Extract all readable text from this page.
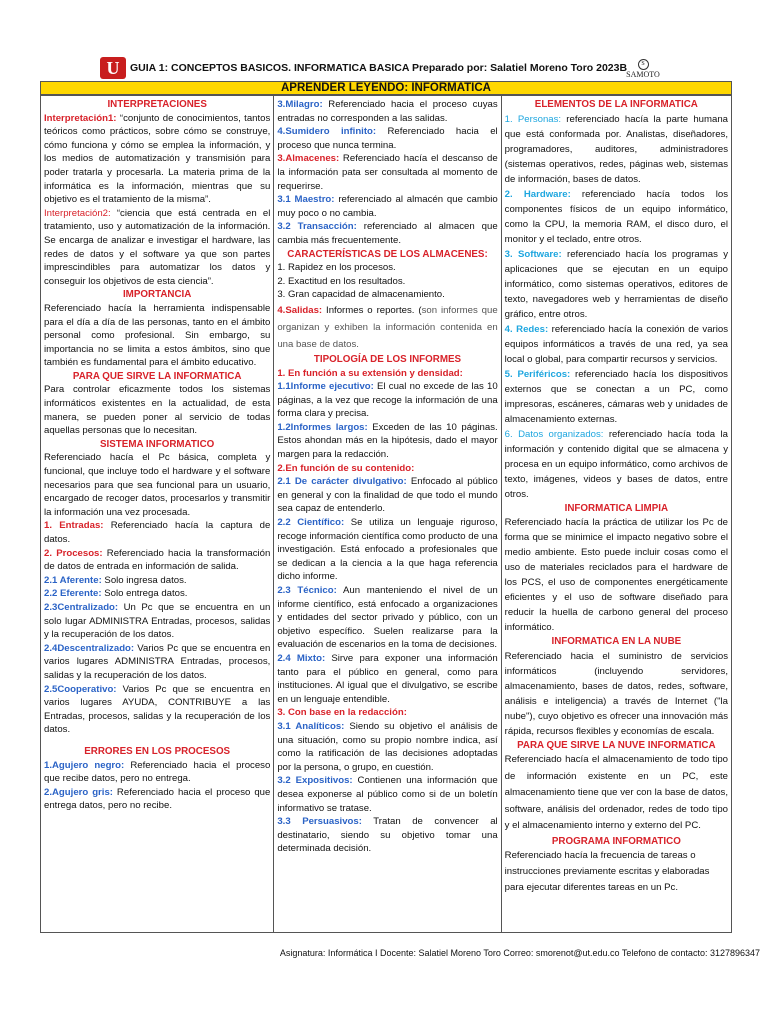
U	GUIA 1: CONCEPTOS BASICOS. INFORMATICA BASICA Preparado por: Salatiel Moreno Toro 2023B	S
SAMOTO
APRENDER LEYENDO: INFORMATICA

INTERPRETACIONES

Interpretación1: “conjunto de conocimientos, tantos teóricos como prácticos, sobre cómo se construye, cómo funciona y cómo se emplea la información, y los medios de automatización y transmisión para poder tratarla y procesarla. La materia prima de la informática es la información, mientras que su objetivo es el tratamiento de la misma”.

Interpretación2: “ciencia que está centrada en el tratamiento, uso y automatización de la información. Se encarga de analizar e investigar el hardware, las redes de datos y el software ya que son partes imprescindibles para automatizar los datos y conseguir los objetivos de esta ciencia”.

IMPORTANCIA

Referenciado hacía la herramienta indispensable para el día a día de las personas, tanto en el ámbito personal como profesional. Sin embargo, su importancia no se limita a estos ámbitos, sino que también es fundamental para el ámbito educativo.

PARA QUE SIRVE LA INFORMATICA

Para controlar eficazmente todos los sistemas informáticos existentes en la actualidad, de esta manera, se pueden poner al servicio de todas aquellas personas que lo necesitan.

SISTEMA INFORMATICO

Referenciado hacía el Pc básica, completa y funcional, que incluye todo el hardware y el software necesarios para que sea funcional para un usuario, encargado de recoger datos, procesarlos y transmitir la información una vez procesada.

1. Entradas: Referenciado hacía la captura de datos.

2. Procesos: Referenciado hacia la transformación de datos de entrada en información de salida.

2.1 Aferente: Solo ingresa datos.

2.2 Eferente: Solo entrega datos.

2.3Centralizado: Un Pc que se encuentra en un solo lugar ADMINISTRA Entradas, procesos, salidas y la recuperación de los datos.

2.4Descentralizado: Varios Pc que se encuentra en varios lugares ADMINISTRA Entradas, procesos, salidas y la recuperación de los datos.

2.5Cooperativo: Varios Pc que se encuentra en varios lugares AYUDA, CONTRIBUYE a las Entradas, procesos, salidas y la recuperación de los datos.

ERRORES EN LOS PROCESOS

1.Agujero negro: Referenciado hacia el proceso que recibe datos, pero no entrega.

2.Agujero gris: Referenciado hacia el proceso que entrega datos, pero no recibe.

3.Milagro: Referenciado hacia el proceso cuyas entradas no corresponden a las salidas.

4.Sumidero infinito: Referenciado hacia el proceso que nunca termina.

3.Almacenes: Referenciado hacía el descanso de la información pata ser consultada al momento de requerirse.

3.1 Maestro: referenciado al almacén que cambio muy poco o no cambia.

3.2 Transacción: referenciado al almacen que cambia más frecuentemente.

CARACTERÍSTICAS DE LOS ALMACENES:

1. Rapidez en los procesos.

2. Exactitud en los resultados.

3. Gran capacidad de almacenamiento.

4.Salidas: Informes o reportes. (son informes que organizan y exhiben la información contenida en una base de datos.

TIPOLOGÍA DE LOS INFORMES

1. En función a su extensión y densidad:

1.1Informe ejecutivo: El cual no excede de las 10 páginas, a la vez que recoge la información de una forma clara y precisa.

1.2Informes largos: Exceden de las 10 páginas. Estos ahondan más en la hipótesis, dado el mayor margen para la redacción.

2.En función de su contenido:

2.1 De carácter divulgativo: Enfocado al público en general y con la finalidad de que todo el mundo sea capaz de entenderlo.

2.2 Científico: Se utiliza un lenguaje riguroso, recoge información científica como producto de una investigación. Está enfocado a profesionales que se dedican a la ciencia a la que haga referencia dicho informe.

2.3 Técnico: Aun manteniendo el nivel de un informe científico, está enfocado a organizaciones y entidades del sector privado y público, con un objetivo específico. Suelen realizarse para la evaluación de escenarios en la toma de decisiones.

2.4 Mixto: Sirve para exponer una información tanto para el público en general, como para instituciones. Al igual que el divulgativo, se escribe en un lenguaje entendible.

3. Con base en la redacción:

3.1 Analíticos: Siendo su objetivo el análisis de una situación, como su propio nombre indica, así como la ratificación de las decisiones adoptadas por la persona, o grupo, en cuestión.

3.2 Expositivos: Contienen una información que desea exponerse al público como si de un boletín informativo se tratase.

3.3 Persuasivos: Tratan de convencer al destinatario, siendo su objetivo tomar una determinada decisión.

ELEMENTOS DE LA INFORMATICA

1. Personas: referenciado hacía la parte humana que está conformada por. Analistas, diseñadores, programadores, auditores, administradores (sistemas operativos, redes, páginas web, sistemas de información, bases de datos.

2. Hardware: referenciado hacía todos los componentes físicos de un equipo informático, como la CPU, la memoria RAM, el disco duro, el monitor y el teclado, entre otros.

3. Software: referenciado hacía los programas y aplicaciones que se ejecutan en un equipo informático, como sistemas operativos, editores de texto, navegadores web y herramientas de diseño gráfico, entre otros.

4. Redes: referenciado hacía la conexión de varios equipos informáticos a través de una red, ya sea local o global, para compartir recursos y servicios.

5. Periféricos: referenciado hacía los dispositivos externos que se conectan a un PC, como impresoras, escáneres, cámaras web y unidades de almacenamiento externas.

6. Datos organizados: referenciado hacía toda la información y contenido digital que se almacena y procesa en un equipo informático, como archivos de texto, imágenes, videos y bases de datos, entre otros.

INFORMATICA LIMPIA

Referenciado hacía la práctica de utilizar los Pc de forma que se minimice el impacto negativo sobre el medio ambiente. Esto puede incluir cosas como el uso de materiales reciclados para el hardware de los PCS, el uso de componentes energéticamente eficientes y el uso de software diseñado para reducir la huella de carbono general del proceso informático.

INFORMATICA EN LA NUBE

Referenciado hacia el suministro de servicios informáticos (incluyendo servidores, almacenamiento, bases de datos, redes, software, análisis e inteligencia) a través de Internet ("la nube"), cuyo objetivo es ofrecer una innovación más rápida, recursos flexibles y economías de escala.

PARA QUE SIRVE LA NUVE INFORMATICA

Referenciado hacía el almacenamiento de todo tipo de información existente en un PC, este almacenamiento tiene que ver con la base de datos, software, análisis del ordenador, redes de todo tipo y el almacenamiento interno y externo del PC.

PROGRAMA INFORMATICO

Referenciado hacía la frecuencia de tareas o instrucciones previamente escritas y elaboradas para ejecutar diferentes tareas en un Pc.

Asignatura: Informática I Docente: Salatiel Moreno Toro Correo: smorenot@ut.edu.co Telefono de contacto: 3127896347
